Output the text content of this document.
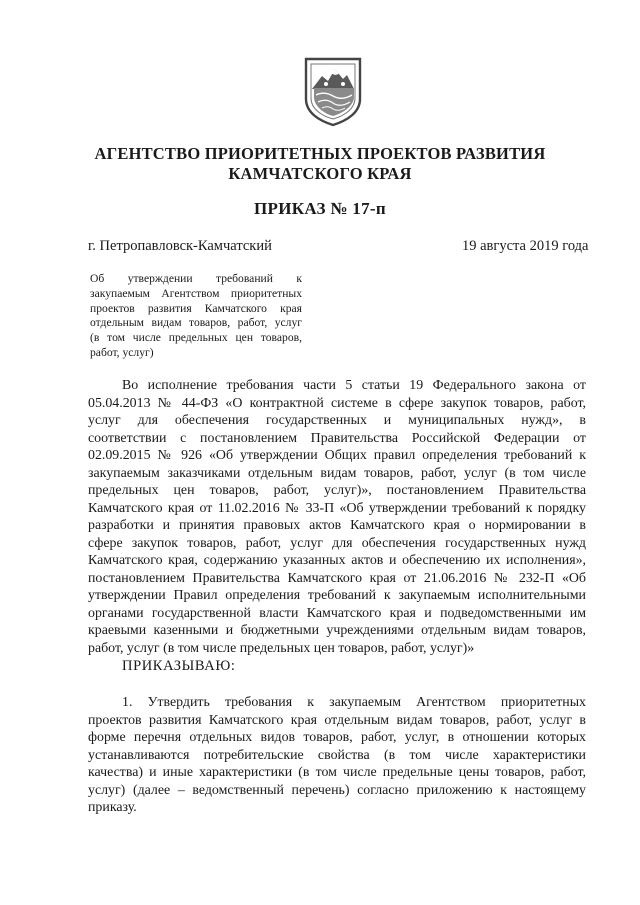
АГЕНТСТВО ПРИОРИТЕТНЫХ ПРОЕКТОВ РАЗВИТИЯ
КАМЧАТСКОГО КРАЯ
ПРИКАЗ № 17-п
г. Петропавловск-Камчатский	19 августа 2019 года
Об утверждении требований к
закупаемым Агентством приоритетных
проектов развития Камчатского края
отдельным видам товаров, работ, услуг
(в том числе предельных цен товаров,
работ, услуг)
Во исполнение требования части 5 статьи 19 Федерального закона от
05.04.2013 № 44-ФЗ «О контрактной системе в сфере закупок товаров, работ,
услуг для обеспечения государственных и муниципальных нужд», в
соответствии с постановлением Правительства Российской Федерации от
02.09.2015 № 926 «Об утверждении Общих правил определения требований к
закупаемым заказчиками отдельным видам товаров, работ, услуг (в том числе
предельных цен товаров, работ, услуг)», постановлением Правительства
Камчатского края от 11.02.2016 № 33-П «Об утверждении требований к порядку
разработки и принятия правовых актов Камчатского края о нормировании в
сфере закупок товаров, работ, услуг для обеспечения государственных нужд
Камчатского края, содержанию указанных актов и обеспечению их исполнения»,
постановлением Правительства Камчатского края от 21.06.2016 № 232-П «Об
утверждении Правил определения требований к закупаемым исполнительными
органами государственной власти Камчатского края и подведомственными им
краевыми казенными и бюджетными учреждениями отдельным видам товаров,
работ, услуг (в том числе предельных цен товаров, работ, услуг)»
ПРИКАЗЫВАЮ:
1. Утвердить требования к закупаемым Агентством приоритетных
проектов развития Камчатского края отдельным видам товаров, работ, услуг в
форме перечня отдельных видов товаров, работ, услуг, в отношении которых
устанавливаются потребительские свойства (в том числе характеристики
качества) и иные характеристики (в том числе предельные цены товаров, работ,
услуг) (далее – ведомственный перечень) согласно приложению к настоящему
приказу.
